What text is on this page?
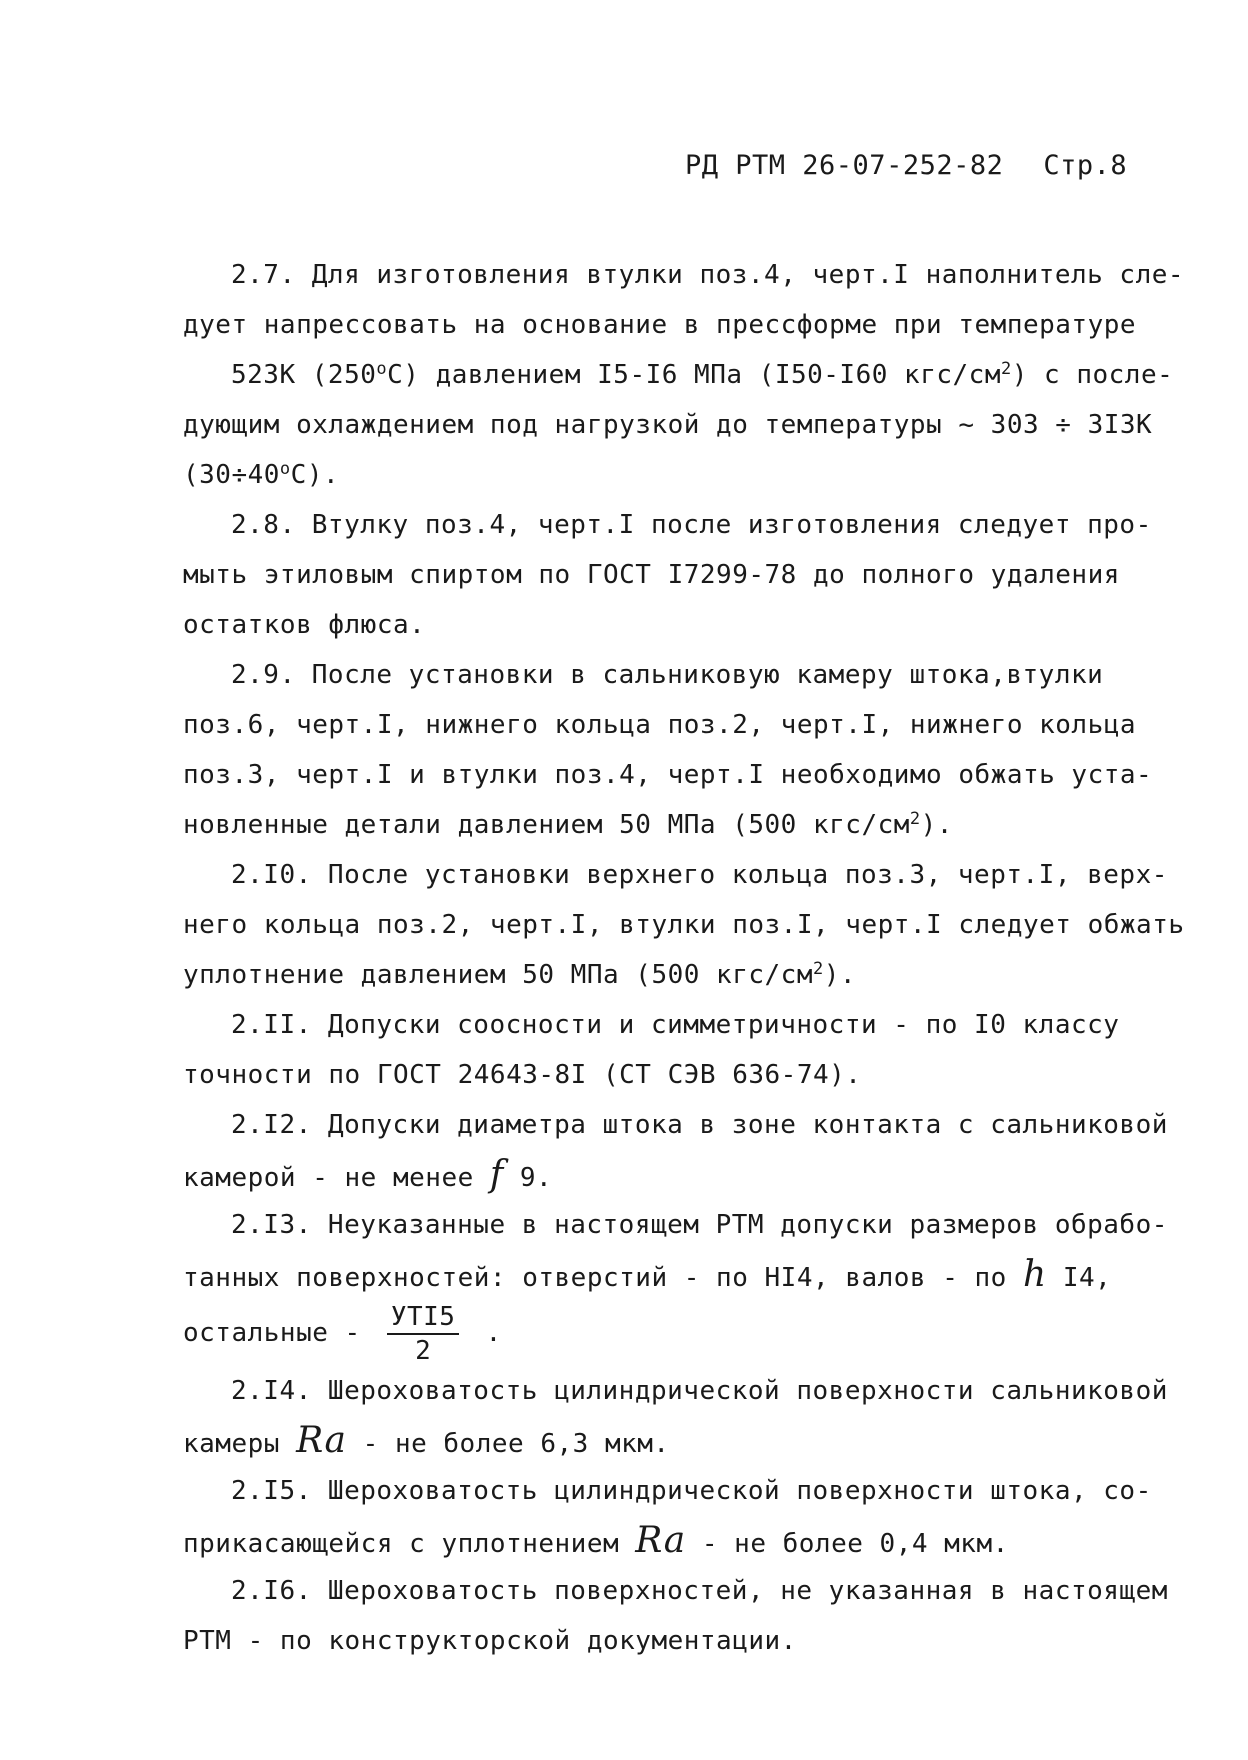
РД РТМ 26-07-252-82 Стр.8
2.7. Для изготовления втулки поз.4, черт.I наполнитель сле-
дует напрессовать на основание в прессформе при температуре
523К (250$^o$С) давлением I5-I6 МПа (I50-I60 кгс/$см^2$) с после-
дующим охлаждением под нагрузкой до температуры ~ 303 ÷ 3I3К
$(30\div 40^oС)$.
2.8. Втулку поз.4, черт.I после изготовления следует про-
мыть этиловым спиртом по ГОСТ I7299-78 до полного удаления
остатков флюса.
2.9. После установки в сальниковую камеру штока,втулки
поз.6, черт.I, нижнего кольца поз.2, черт.I, нижнего кольца
поз.3, черт.I и втулки поз.4, черт.I необходимо обжать уста-
новленные детали давлением 50 МПа (500 кгс/$см^2$).
2.I0. После установки верхнего кольца поз.3, черт.I, верх-
него кольца поз.2, черт.I, втулки поз.I, черт.I следует обжать
уплотнение давлением 50 МПа (500 кгс/$см^2$).
2.II. Допуски соосности и симметричности - по I0 классу
точности по ГОСТ 24643-8I (СТ СЭВ 636-74).
2.I2. Допуски диаметра штока в зоне контакта с сальниковой
камерой - не менее f 9.
2.I3. Неуказанные в настоящем РТМ допуски размеров обрабо-
танных поверхностей: отверстий - по HI4, валов - по h I4,
остальные - $\frac{\text{УТI5}}{2}$ .
2.I4. Шероховатость цилиндрической поверхности сальниковой
камеры Ra - не более 6,3 мкм.
2.I5. Шероховатость цилиндрической поверхности штока, со-
прикасающейся с уплотнением Ra - не более 0,4 мкм.
2.I6. Шероховатость поверхностей, не указанная в настоящем
РТМ - по конструкторской документации.
